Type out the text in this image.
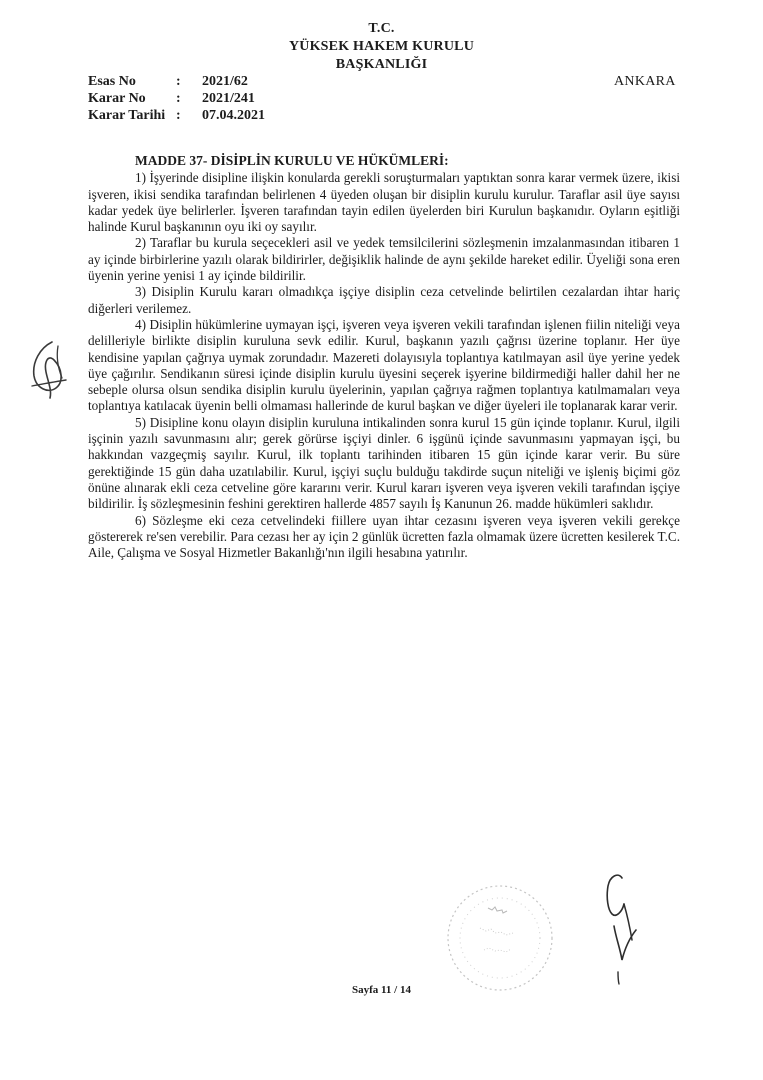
T.C.
YÜKSEK HAKEM KURULU
BAŞKANLIĞI
Esas No	:	2021/62
Karar No	:	2021/241
Karar Tarihi :	07.04.2021
ANKARA
MADDE 37- DİSİPLİN KURULU VE HÜKÜMLERİ:

1) İşyerinde disipline ilişkin konularda gerekli soruşturmaları yaptıktan sonra karar vermek üzere, ikisi işveren, ikisi sendika tarafından belirlenen 4 üyeden oluşan bir disiplin kurulu kurulur. Taraflar asil üye sayısı kadar yedek üye belirlerler. İşveren tarafından tayin edilen üyelerden biri Kurulun başkanıdır. Oyların eşitliği halinde Kurul başkanının oyu iki oy sayılır.

2) Taraflar bu kurula seçecekleri asil ve yedek temsilcilerini sözleşmenin imzalanmasından itibaren 1 ay içinde birbirlerine yazılı olarak bildirirler, değişiklik halinde de aynı şekilde hareket edilir. Üyeliği sona eren üyenin yerine yenisi 1 ay içinde bildirilir.

3) Disiplin Kurulu kararı olmadıkça işçiye disiplin ceza cetvelinde belirtilen cezalardan ihtar hariç diğerleri verilemez.

4) Disiplin hükümlerine uymayan işçi, işveren veya işveren vekili tarafından işlenen fiilin niteliği veya delilleriyle birlikte disiplin kuruluna sevk edilir. Kurul, başkanın yazılı çağrısı üzerine toplanır. Her üye kendisine yapılan çağrıya uymak zorundadır. Mazereti dolayısıyla toplantıya katılmayan asil üye yerine yedek üye çağırılır. Sendikanın süresi içinde disiplin kurulu üyesini seçerek işyerine bildirmediği haller dahil her ne sebeple olursa olsun sendika disiplin kurulu üyelerinin, yapılan çağrıya rağmen toplantıya katılmamaları veya toplantıya katılacak üyenin belli olmaması hallerinde de kurul başkan ve diğer üyeleri ile toplanarak karar verir.

5) Disipline konu olayın disiplin kuruluna intikalinden sonra kurul 15 gün içinde toplanır. Kurul, ilgili işçinin yazılı savunmasını alır; gerek görürse işçiyi dinler. 6 işgünü içinde savunmasını yapmayan işçi, bu hakkından vazgeçmiş sayılır. Kurul, ilk toplantı tarihinden itibaren 15 gün içinde karar verir. Bu süre gerektiğinde 15 gün daha uzatılabilir. Kurul, işçiyi suçlu bulduğu takdirde suçun niteliği ve işleniş biçimi göz önüne alınarak ekli ceza cetveline göre kararını verir. Kurul kararı işveren veya işveren vekili tarafından işçiye bildirilir. İş sözleşmesinin feshini gerektiren hallerde 4857 sayılı İş Kanunun 26. madde hükümleri saklıdır.

6) Sözleşme eki ceza cetvelindeki fiillere uyan ihtar cezasını işveren veya işveren vekili gerekçe göstererek re'sen verebilir. Para cezası her ay için 2 günlük ücretten fazla olmamak üzere ücretten kesilerek T.C. Aile, Çalışma ve Sosyal Hizmetler Bakanlığı'nın ilgili hesabına yatırılır.

Sayfa 11 / 14
